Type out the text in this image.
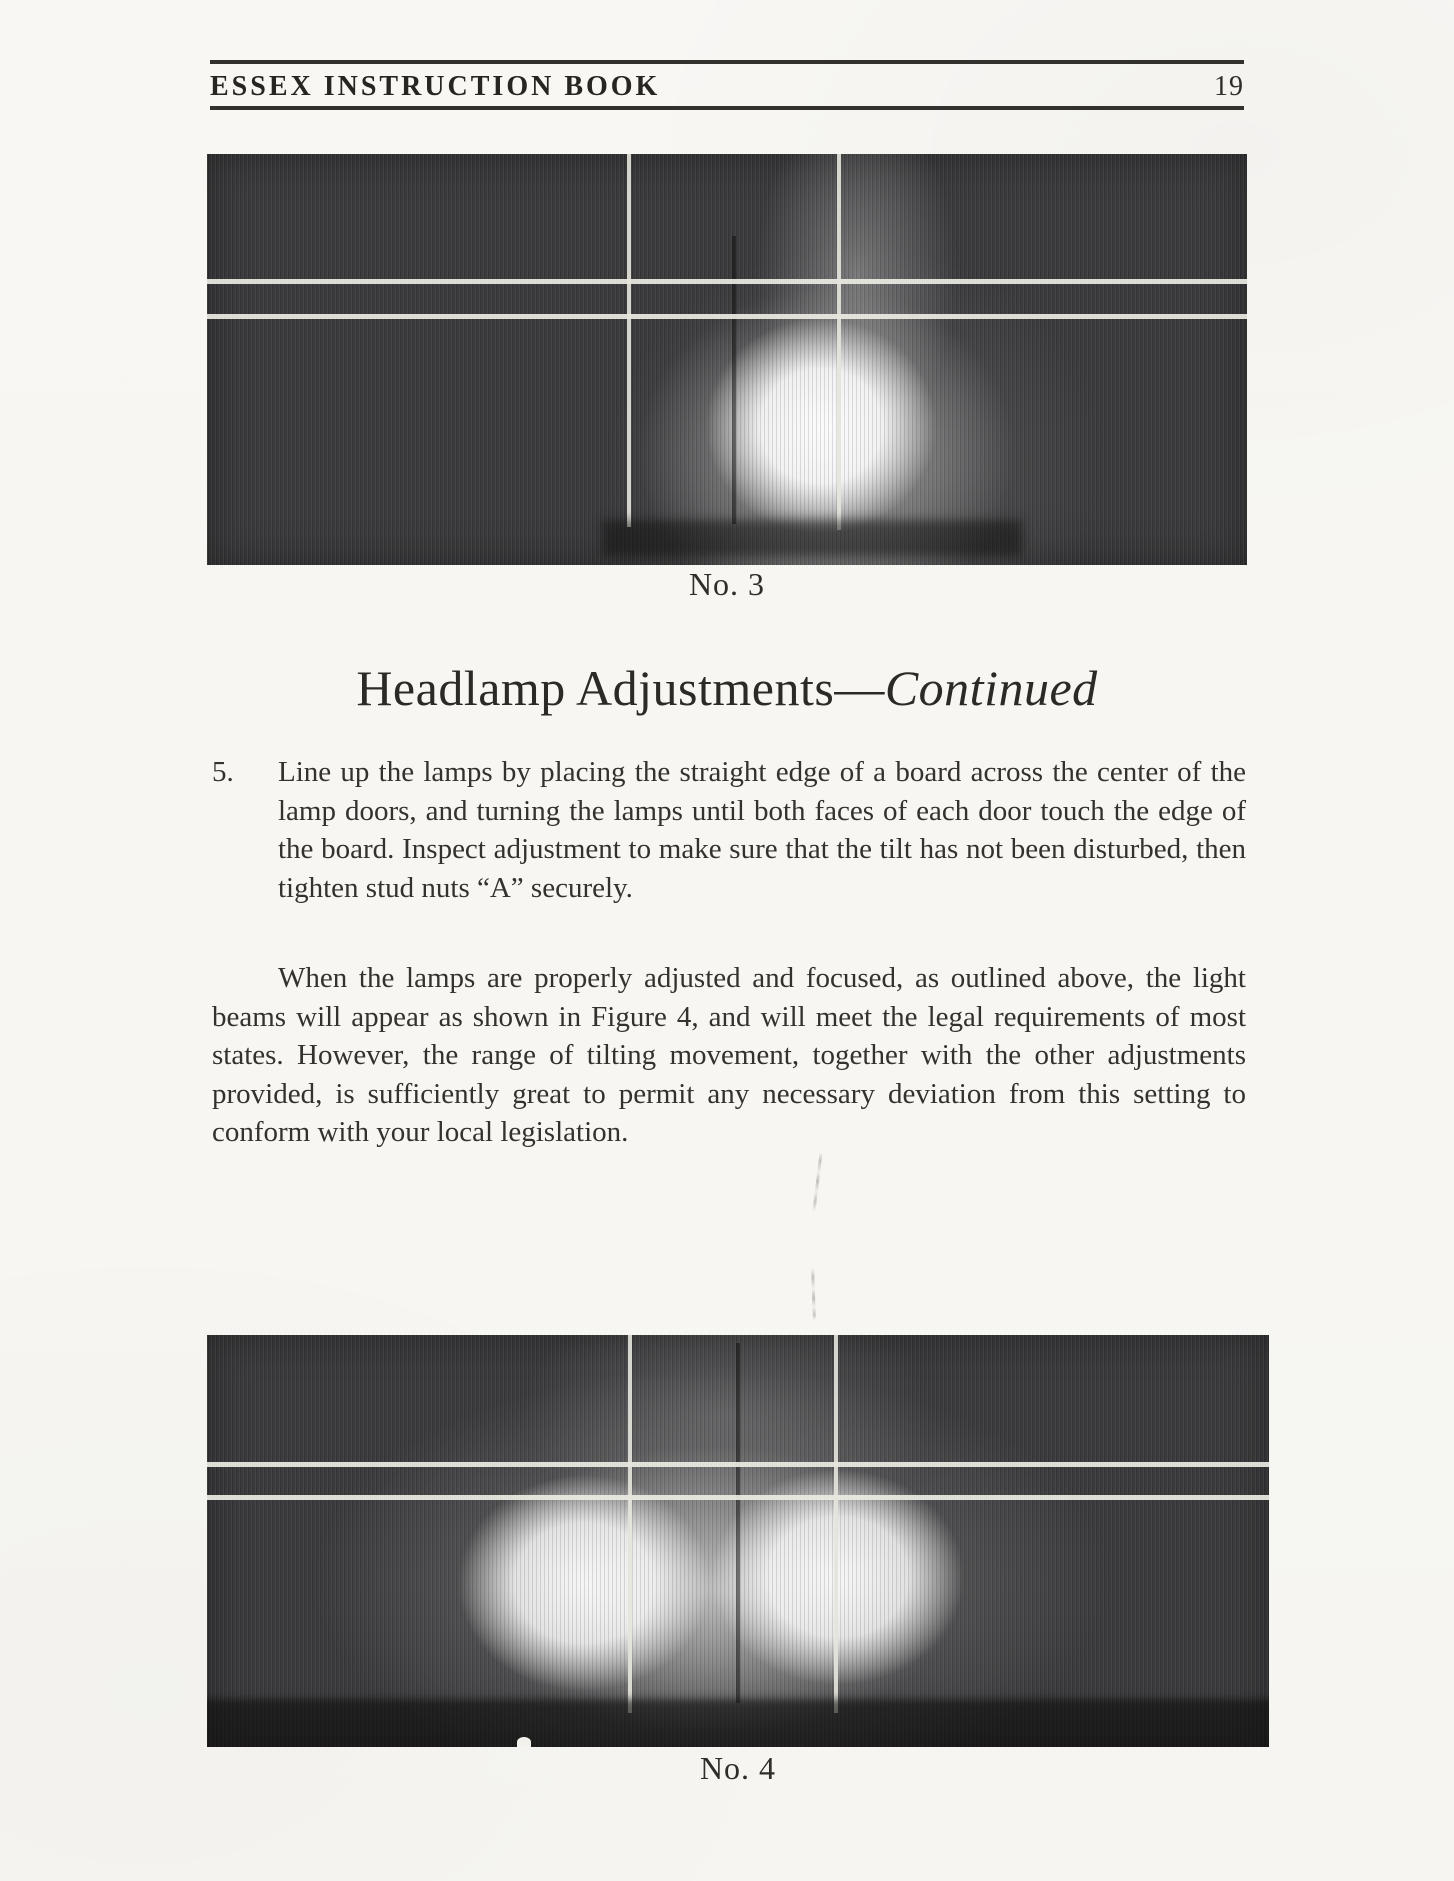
ESSEX INSTRUCTION BOOK	19
No. 3
Headlamp Adjustments—Continued
5.	Line up the lamps by placing the straight edge of a board across the center of the lamp doors, and turning the lamps until both faces of each door touch the edge of the board. Inspect adjustment to make sure that the tilt has not been disturbed, then tighten stud nuts “A” securely.

When the lamps are properly adjusted and focused, as outlined above, the light beams will appear as shown in Figure 4, and will meet the legal requirements of most states. However, the range of tilting movement, together with the other adjustments provided, is sufficiently great to permit any necessary deviation from this setting to conform with your local legislation.

No. 4
